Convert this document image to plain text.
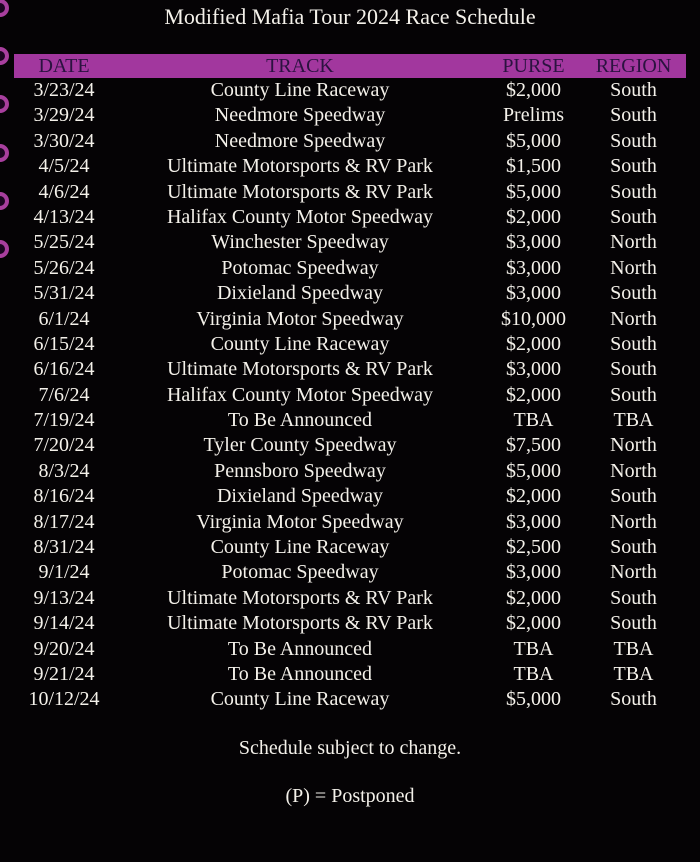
Modified Mafia Tour 2024 Race Schedule
DATE	TRACK	PURSE	REGION
3/23/24	County Line Raceway	$2,000	South
3/29/24	Needmore Speedway	Prelims	South
3/30/24	Needmore Speedway	$5,000	South
4/5/24	Ultimate Motorsports & RV Park	$1,500	South
4/6/24	Ultimate Motorsports & RV Park	$5,000	South
4/13/24	Halifax County Motor Speedway	$2,000	South
5/25/24	Winchester Speedway	$3,000	North
5/26/24	Potomac Speedway	$3,000	North
5/31/24	Dixieland Speedway	$3,000	South
6/1/24	Virginia Motor Speedway	$10,000	North
6/15/24	County Line Raceway	$2,000	South
6/16/24	Ultimate Motorsports & RV Park	$3,000	South
7/6/24	Halifax County Motor Speedway	$2,000	South
7/19/24	To Be Announced	TBA	TBA
7/20/24	Tyler County Speedway	$7,500	North
8/3/24	Pennsboro Speedway	$5,000	North
8/16/24	Dixieland Speedway	$2,000	South
8/17/24	Virginia Motor Speedway	$3,000	North
8/31/24	County Line Raceway	$2,500	South
9/1/24	Potomac Speedway	$3,000	North
9/13/24	Ultimate Motorsports & RV Park	$2,000	South
9/14/24	Ultimate Motorsports & RV Park	$2,000	South
9/20/24	To Be Announced	TBA	TBA
9/21/24	To Be Announced	TBA	TBA
10/12/24	County Line Raceway	$5,000	South
Schedule subject to change.
(P) = Postponed
